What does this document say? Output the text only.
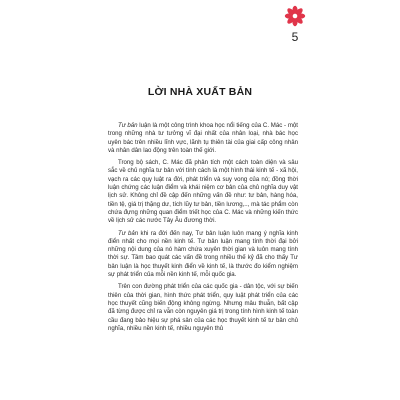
5
LỜI NHÀ XUẤT BẢN

Tư bản luận là một công trình khoa học nổi tiếng của C. Mác - một trong những nhà tư tưởng vĩ đại nhất của nhân loại, nhà bác học uyên bác trên nhiều lĩnh vực, lãnh tụ thiên tài của giai cấp công nhân và nhân dân lao động trên toàn thế giới.

Trong bộ sách, C. Mác đã phân tích một cách toàn diện và sâu sắc về chủ nghĩa tư bản với tính cách là một hình thái kinh tế - xã hội, vạch ra các quy luật ra đời, phát triển và suy vong của nó; đồng thời luận chứng các luận điểm và khái niệm cơ bản của chủ nghĩa duy vật lịch sử. Không chỉ đề cập đến những vấn đề như: tư bản, hàng hóa, tiền tệ, giá trị thặng dư, tích lũy tư bản, tiền lương,.., mà tác phẩm còn chứa đựng những quan điểm triết học của C. Mác và những kiến thức về lịch sử các nước Tây Âu đương thời.

Tư bản khi ra đời đến nay, Tư bản luận luôn mang ý nghĩa kinh điển nhất cho mọi nền kinh tế. Tư bản luận mang tính thời đại bởi những nội dung của nó hàm chứa xuyên thời gian và luôn mang tính thời sự. Tầm bao quát các vấn đề trong nhiều thế kỷ đã cho thấy Tư bản luận là học thuyết kinh điển về kinh tế, là thước đo kiểm nghiệm sự phát triển của mỗi nền kinh tế, mỗi quốc gia.

Trên con đường phát triển của các quốc gia - dân tộc, với sự biến thiên của thời gian, hình thức phát triển, quy luật phát triển của các học thuyết cũng biến động không ngừng. Nhưng mâu thuẫn, bất cập đã từng được chỉ ra vẫn còn nguyên giá trị trong tính hình kinh tế toàn cầu đang bảo hiệu sự phá sản của các học thuyết kinh tế tư bản chủ nghĩa, nhiều nền kinh tế, nhiều nguyên thủ
